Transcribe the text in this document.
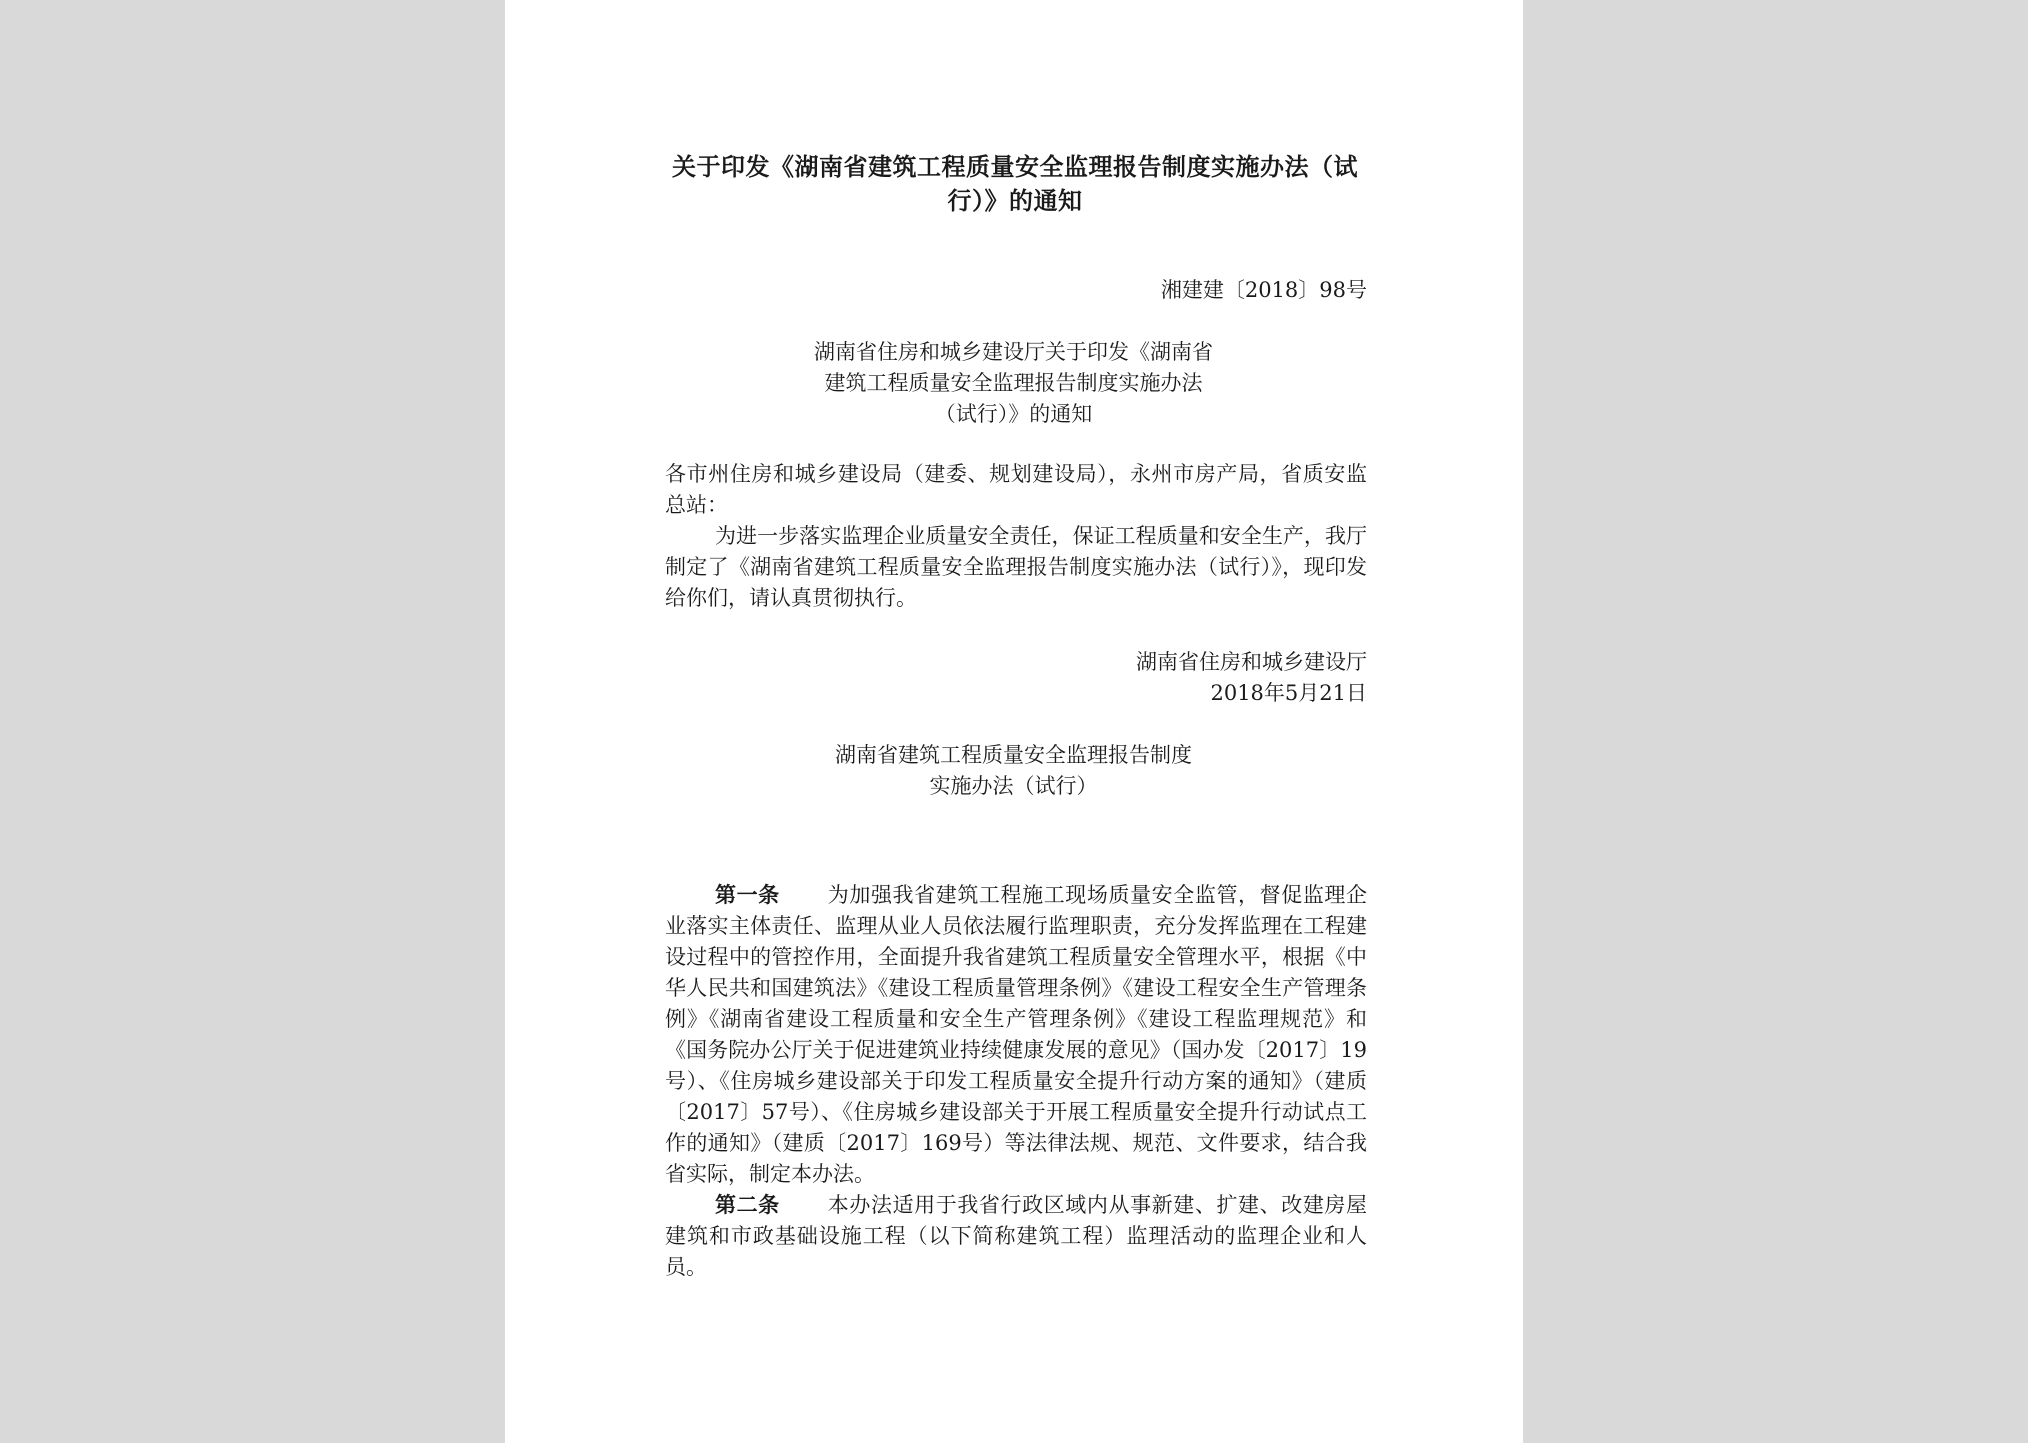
关于印发《湖南省建筑工程质量安全监理报告制度实施办法（试行）》的通知
湘建建〔2018〕98号
湖南省住房和城乡建设厅关于印发《湖南省
建筑工程质量安全监理报告制度实施办法
（试行）》的通知

各市州住房和城乡建设局（建委、规划建设局），永州市房产局，省质安监总站：

为进一步落实监理企业质量安全责任，保证工程质量和安全生产，我厅制定了《湖南省建筑工程质量安全监理报告制度实施办法（试行）》，现印发给你们，请认真贯彻执行。

湖南省住房和城乡建设厅
2018年5月21日
湖南省建筑工程质量安全监理报告制度
实施办法（试行）

第一条 为加强我省建筑工程施工现场质量安全监管，督促监理企业落实主体责任、监理从业人员依法履行监理职责，充分发挥监理在工程建设过程中的管控作用，全面提升我省建筑工程质量安全管理水平，根据《中华人民共和国建筑法》《建设工程质量管理条例》《建设工程安全生产管理条例》《湖南省建设工程质量和安全生产管理条例》《建设工程监理规范》和《国务院办公厅关于促进建筑业持续健康发展的意见》（国办发〔2017〕19号）、《住房城乡建设部关于印发工程质量安全提升行动方案的通知》（建质〔2017〕57号）、《住房城乡建设部关于开展工程质量安全提升行动试点工作的通知》（建质〔2017〕169号）等法律法规、规范、文件要求，结合我省实际，制定本办法。

第二条 本办法适用于我省行政区域内从事新建、扩建、改建房屋建筑和市政基础设施工程（以下简称建筑工程）监理活动的监理企业和人员。
